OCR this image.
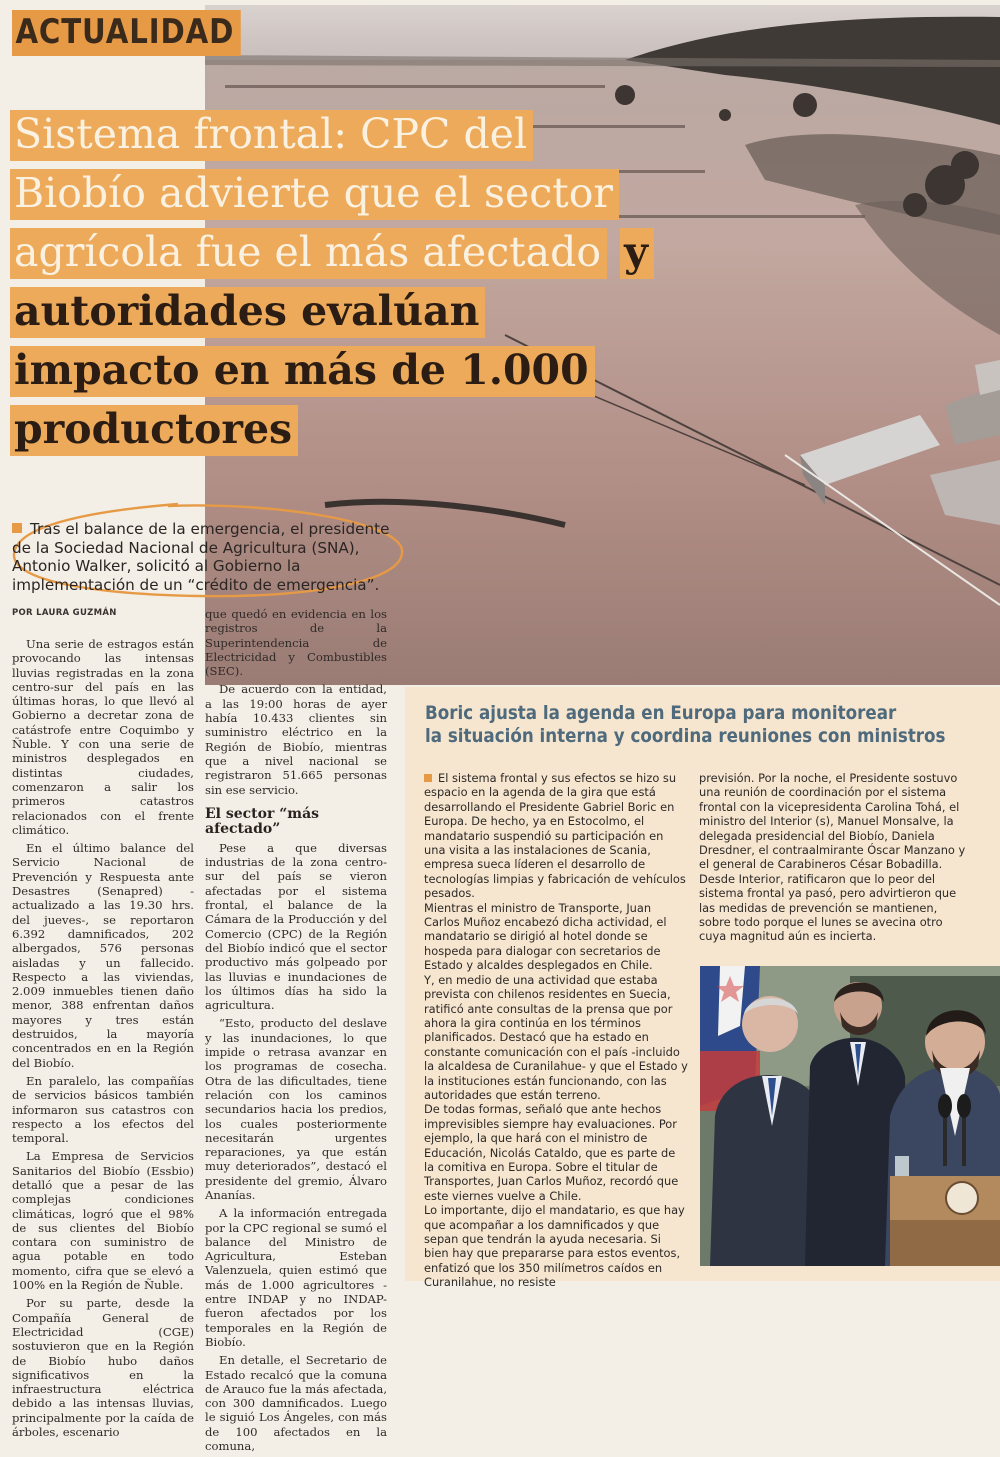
ACTUALIDAD
Sistema frontal: CPC del Biobío advierte que el sector agrícola fue el más afectado y autoridades evalúan impacto en más de 1.000 productores
Tras el balance de la emergencia, el presidente de la Sociedad Nacional de Agricultura (SNA), Antonio Walker, solicitó al Gobierno la implementación de un “crédito de emergencia”.
POR LAURA GUZMÁN

Una serie de estragos están provocando las intensas lluvias registradas en la zona centro-sur del país en las últimas horas, lo que llevó al Gobierno a decretar zona de catástrofe entre Coquimbo y Ñuble. Y con una serie de ministros desplegados en distintas ciudades, comenzaron a salir los primeros catastros relacionados con el frente climático.

En el último balance del Servicio Nacional de Prevención y Respuesta ante Desastres (Senapred) -actualizado a las 19.30 hrs. del jueves-, se reportaron 6.392 damnificados, 202 albergados, 576 personas aisladas y un fallecido. Respecto a las viviendas, 2.009 inmuebles tienen daño menor, 388 enfrentan daños mayores y tres están destruidos, la mayoría concentrados en en la Región del Biobío.

En paralelo, las compañías de servicios básicos también informaron sus catastros con respecto a los efectos del temporal.

La Empresa de Servicios Sanitarios del Biobío (Essbio) detalló que a pesar de las complejas condiciones climáticas, logró que el 98% de sus clientes del Biobío contara con suministro de agua potable en todo momento, cifra que se elevó a 100% en la Región de Ñuble.

Por su parte, desde la Compañía General de Electricidad (CGE) sostuvieron que en la Región de Biobío hubo daños significativos en la infraestructura eléctrica debido a las intensas lluvias, principalmente por la caída de árboles, escenario

que quedó en evidencia en los registros de la Superintendencia de Electricidad y Combustibles (SEC).

De acuerdo con la entidad, a las 19:00 horas de ayer había 10.433 clientes sin suministro eléctrico en la Región de Biobío, mientras que a nivel nacional se registraron 51.665 personas sin ese servicio.

El sector “más afectado”

Pese a que diversas industrias de la zona centro-sur del país se vieron afectadas por el sistema frontal, el balance de la Cámara de la Producción y del Comercio (CPC) de la Región del Biobío indicó que el sector productivo más golpeado por las lluvias e inundaciones de los últimos días ha sido la agricultura.

“Esto, producto del deslave y las inundaciones, lo que impide o retrasa avanzar en los programas de cosecha. Otra de las dificultades, tiene relación con los caminos secundarios hacia los predios, los cuales posteriormente necesitarán urgentes reparaciones, ya que están muy deteriorados”, destacó el presidente del gremio, Álvaro Ananías.

A la información entregada por la CPC regional se sumó el balance del Ministro de Agricultura, Esteban Valenzuela, quien estimó que más de 1.000 agricultores -entre INDAP y no INDAP- fueron afectados por los temporales en la Región de Biobío.

En detalle, el Secretario de Estado recalcó que la comuna de Arauco fue la más afectada, con 300 damnificados. Luego le siguió Los Ángeles, con más de 100 afectados en la comuna,

Boric ajusta la agenda en Europa para monitorear
la situación interna y coordina reuniones con ministros

El sistema frontal y sus efectos se hizo su espacio en la agenda de la gira que está desarrollando el Presidente Gabriel Boric en Europa. De hecho, ya en Estocolmo, el mandatario suspendió su participación en una visita a las instalaciones de Scania, empresa sueca líderen el desarrollo de tecnologías limpias y fabricación de vehículos pesados.

Mientras el ministro de Transporte, Juan Carlos Muñoz encabezó dicha actividad, el mandatario se dirigió al hotel donde se hospeda para dialogar con secretarios de Estado y alcaldes desplegados en Chile.

Y, en medio de una actividad que estaba prevista con chilenos residentes en Suecia, ratificó ante consultas de la prensa que por ahora la gira continúa en los términos planificados. Destacó que ha estado en constante comunicación con el país -incluido la alcaldesa de Curanilahue- y que el Estado y la instituciones están funcionando, con las autoridades que están terreno.

De todas formas, señaló que ante hechos imprevisibles siempre hay evaluaciones. Por ejemplo, la que hará con el ministro de Educación, Nicolás Cataldo, que es parte de la comitiva en Europa. Sobre el titular de Transportes, Juan Carlos Muñoz, recordó que este viernes vuelve a Chile.

Lo importante, dijo el mandatario, es que hay que acompañar a los damnificados y que sepan que tendrán la ayuda necesaria. Si bien hay que prepararse para estos eventos, enfatizó que los 350 milímetros caídos en Curanilahue, no resiste

previsión. Por la noche, el Presidente sostuvo una reunión de coordinación por el sistema frontal con la vicepresidenta Carolina Tohá, el ministro del Interior (s), Manuel Monsalve, la delegada presidencial del Biobío, Daniela Dresdner, el contraalmirante Óscar Manzano y el general de Carabineros César Bobadilla.

Desde Interior, ratificaron que lo peor del sistema frontal ya pasó, pero advirtieron que las medidas de prevención se mantienen, sobre todo porque el lunes se avecina otro cuya magnitud aún es incierta.
